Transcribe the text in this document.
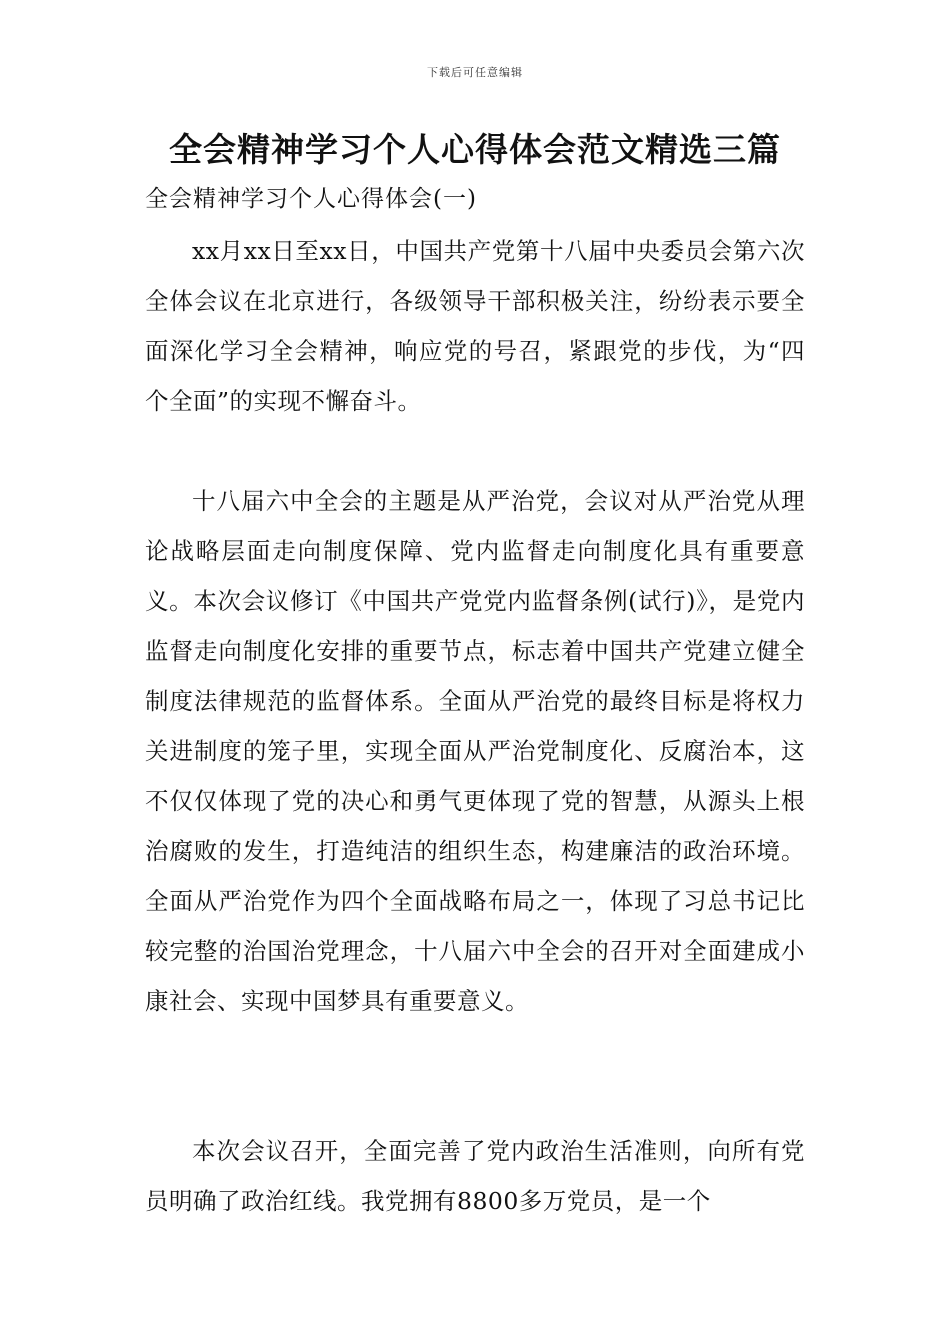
下载后可任意编辑
全会精神学习个人心得体会范文精选三篇
全会精神学习个人心得体会(一)

xx月xx日至xx日，中国共产党第十八届中央委员会第六次全体会议在北京进行，各级领导干部积极关注，纷纷表示要全面深化学习全会精神，响应党的号召，紧跟党的步伐，为“四个全面”的实现不懈奋斗。

十八届六中全会的主题是从严治党，会议对从严治党从理论战略层面走向制度保障、党内监督走向制度化具有重要意义。本次会议修订《中国共产党党内监督条例(试行)》，是党内监督走向制度化安排的重要节点，标志着中国共产党建立健全制度法律规范的监督体系。全面从严治党的最终目标是将权力关进制度的笼子里，实现全面从严治党制度化、反腐治本，这不仅仅体现了党的决心和勇气更体现了党的智慧，从源头上根治腐败的发生，打造纯洁的组织生态，构建廉洁的政治环境。全面从严治党作为四个全面战略布局之一，体现了习总书记比较完整的治国治党理念，十八届六中全会的召开对全面建成小康社会、实现中国梦具有重要意义。

本次会议召开，全面完善了党内政治生活准则，向所有党员明确了政治红线。我党拥有8800多万党员，是一个
